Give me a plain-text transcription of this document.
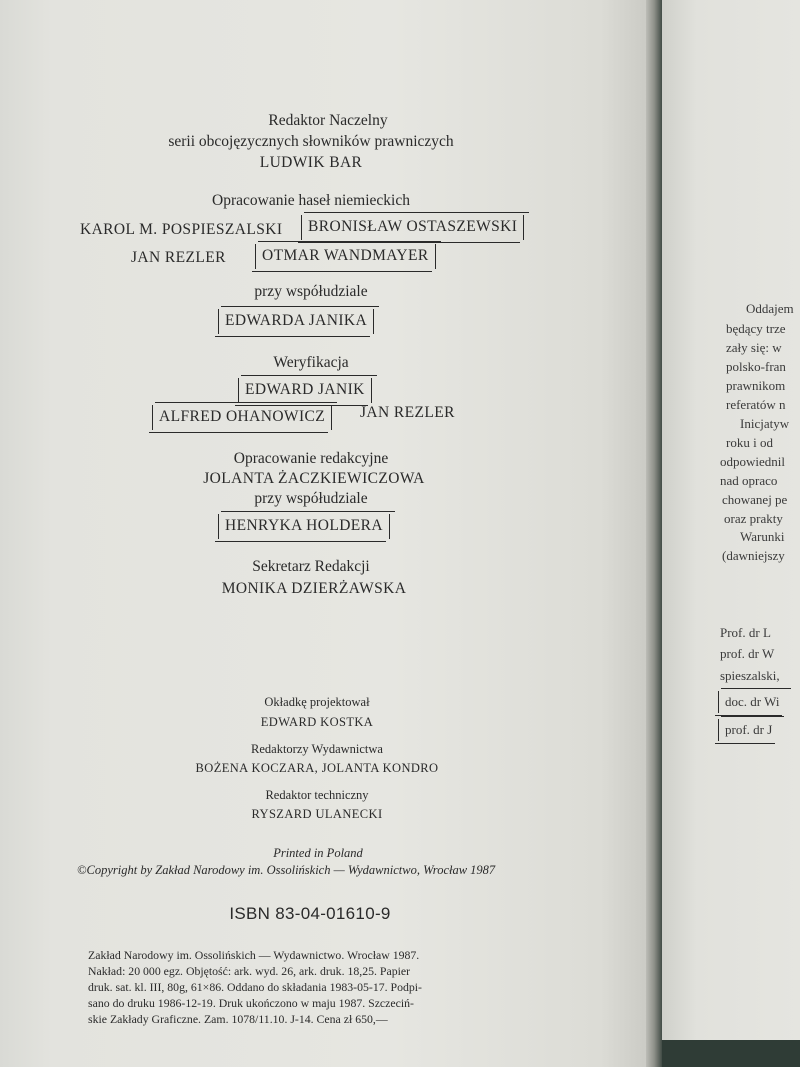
Redaktor Naczelny
serii obcojęzycznych słowników prawniczych
LUDWIK BAR
Opracowanie haseł niemieckich
KAROL M. POSPIESZALSKI	BRONISŁAW OSTASZEWSKI
JAN REZLER	OTMAR WANDMAYER
przy współudziale
EDWARDA JANIKA
Weryfikacja
EDWARD JANIK
ALFRED OHANOWICZ	JAN REZLER
Opracowanie redakcyjne
JOLANTA ŻACZKIEWICZOWA
przy współudziale
HENRYKA HOLDERA
Sekretarz Redakcji
MONIKA DZIERŻAWSKA
Okładkę projektował
EDWARD KOSTKA
Redaktorzy Wydawnictwa
BOŻENA KOCZARA, JOLANTA KONDRO
Redaktor techniczny
RYSZARD ULANECKI
Printed in Poland
©Copyright by Zakład Narodowy im. Ossolińskich — Wydawnictwo, Wrocław 1987
ISBN 83-04-01610-9
Zakład Narodowy im. Ossolińskich — Wydawnictwo. Wrocław 1987.
Nakład: 20 000 egz. Objętość: ark. wyd. 26, ark. druk. 18,25. Papier
druk. sat. kl. III, 80g, 61×86. Oddano do składania 1983-05-17. Podpi-
sano do druku 1986-12-19. Druk ukończono w maju 1987. Szczeciń-
skie Zakłady Graficzne. Zam. 1078/11.10. J-14. Cena zł 650,—
Oddajem
będący trze
zały się: w
polsko-fran
prawnikom
referatów n
Inicjatyw
roku i od
odpowiednil
nad opraco
chowanej pe
oraz prakty
Warunki
(dawniejszy
Prof. dr L
prof. dr W
spieszalski,
doc. dr Wi
prof. dr J
